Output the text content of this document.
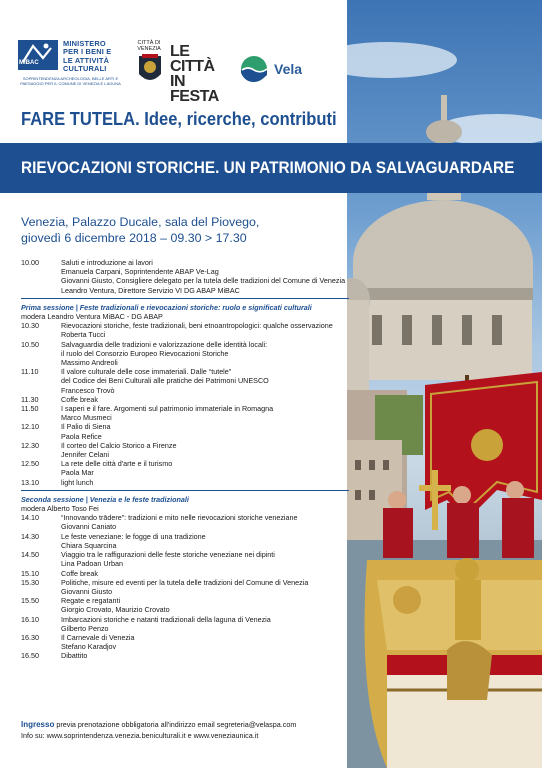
MiBAC
MINISTERO
PER I BENI E
LE ATTIVITÀ
CULTURALI
SOPRINTENDENZA ARCHEOLOGIA, BELLE ARTI E PAESAGGIO PER IL COMUNE DI VENEZIA E LAGUNA
CITTÀ DI VENEZIA LE
CITTÀ
IN FESTA
Vela
FARE TUTELA. Idee, ricerche, contributi
RIEVOCAZIONI STORICHE. UN PATRIMONIO DA SALVAGUARDARE
Venezia, Palazzo Ducale, sala del Piovego,
giovedì 6 dicembre 2018 – 09.30 > 17.30
10.00	Saluti e introduzione ai lavori
Emanuela Carpani, Soprintendente ABAP Ve-Lag
Giovanni Giusto, Consigliere delegato per la tutela delle tradizioni del Comune di Venezia
Leandro Ventura, Direttore Servizio VI DG ABAP MiBAC
Prima sessione | Feste tradizionali e rievocazioni storiche: ruolo e significati culturali
modera Leandro Ventura MiBAC - DG ABAP
10.30	Rievocazioni storiche, feste tradizionali, beni etnoantropologici: qualche osservazione
Roberta Tucci
10.50	Salvaguardia delle tradizioni e valorizzazione delle identità locali:
il ruolo del Consorzio Europeo Rievocazioni Storiche
Massimo Andreoli
11.10	Il valore culturale delle cose immateriali. Dalle “tutele”
del Codice dei Beni Culturali alle pratiche dei Patrimoni UNESCO
Francesco Trovò
11.30	Coffe break
11.50	I saperi e il fare. Argomenti sul patrimonio immateriale in Romagna
Marco Musmeci
12.10	Il Palio di Siena
Paola Refice
12.30	Il corteo del Calcio Storico a Firenze
Jennifer Celani
12.50	La rete delle città d'arte e il turismo
Paola Mar
13.10	light lunch
Seconda sessione | Venezia e le feste tradizionali
modera Alberto Toso Fei
14.10	“Innovando trādere”: tradizioni e mito nelle rievocazioni storiche veneziane
Giovanni Caniato
14.30	Le feste veneziane: le fogge di una tradizione
Chiara Squarcina
14.50	Viaggio tra le raffigurazioni delle feste storiche veneziane nei dipinti
Lina Padoan Urban
15.10	Coffe break
15.30	Politiche, misure ed eventi per la tutela delle tradizioni del Comune di Venezia
Giovanni Giusto
15.50	Regate e regatanti
Giorgio Crovato, Maurizio Crovato
16.10	Imbarcazioni storiche e natanti tradizionali della laguna di Venezia
Gilberto Penzo
16.30	Il Carnevale di Venezia
Stefano Karadjov
16.50	Dibattito
Ingresso previa prenotazione obbligatoria all'indirizzo email segreteria@velaspa.com
Info su: www.soprintendenza.venezia.beniculturali.it e www.veneziaunica.it
